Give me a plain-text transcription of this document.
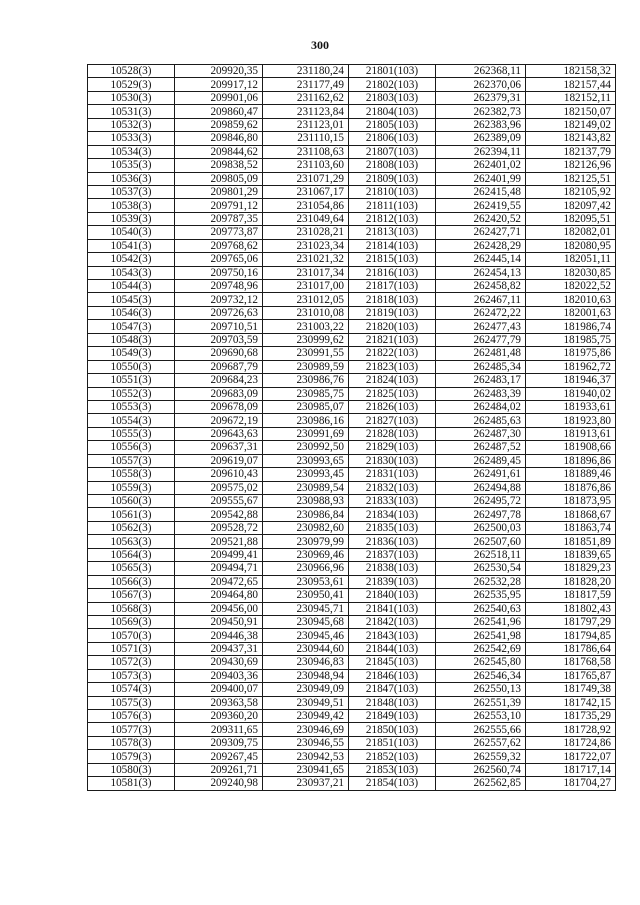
300
10528(3)	209920,35	231180,24	21801(103)	262368,11	182158,32
10529(3)	209917,12	231177,49	21802(103)	262370,06	182157,44
10530(3)	209901,06	231162,62	21803(103)	262379,31	182152,11
10531(3)	209860,47	231123,84	21804(103)	262382,73	182150,07
10532(3)	209859,62	231123,01	21805(103)	262383,96	182149,02
10533(3)	209846,80	231110,15	21806(103)	262389,09	182143,82
10534(3)	209844,62	231108,63	21807(103)	262394,11	182137,79
10535(3)	209838,52	231103,60	21808(103)	262401,02	182126,96
10536(3)	209805,09	231071,29	21809(103)	262401,99	182125,51
10537(3)	209801,29	231067,17	21810(103)	262415,48	182105,92
10538(3)	209791,12	231054,86	21811(103)	262419,55	182097,42
10539(3)	209787,35	231049,64	21812(103)	262420,52	182095,51
10540(3)	209773,87	231028,21	21813(103)	262427,71	182082,01
10541(3)	209768,62	231023,34	21814(103)	262428,29	182080,95
10542(3)	209765,06	231021,32	21815(103)	262445,14	182051,11
10543(3)	209750,16	231017,34	21816(103)	262454,13	182030,85
10544(3)	209748,96	231017,00	21817(103)	262458,82	182022,52
10545(3)	209732,12	231012,05	21818(103)	262467,11	182010,63
10546(3)	209726,63	231010,08	21819(103)	262472,22	182001,63
10547(3)	209710,51	231003,22	21820(103)	262477,43	181986,74
10548(3)	209703,59	230999,62	21821(103)	262477,79	181985,75
10549(3)	209690,68	230991,55	21822(103)	262481,48	181975,86
10550(3)	209687,79	230989,59	21823(103)	262485,34	181962,72
10551(3)	209684,23	230986,76	21824(103)	262483,17	181946,37
10552(3)	209683,09	230985,75	21825(103)	262483,39	181940,02
10553(3)	209678,09	230985,07	21826(103)	262484,02	181933,61
10554(3)	209672,19	230986,16	21827(103)	262485,63	181923,80
10555(3)	209643,63	230991,69	21828(103)	262487,30	181913,61
10556(3)	209637,31	230992,50	21829(103)	262487,52	181908,66
10557(3)	209619,07	230993,65	21830(103)	262489,45	181896,86
10558(3)	209610,43	230993,45	21831(103)	262491,61	181889,46
10559(3)	209575,02	230989,54	21832(103)	262494,88	181876,86
10560(3)	209555,67	230988,93	21833(103)	262495,72	181873,95
10561(3)	209542,88	230986,84	21834(103)	262497,78	181868,67
10562(3)	209528,72	230982,60	21835(103)	262500,03	181863,74
10563(3)	209521,88	230979,99	21836(103)	262507,60	181851,89
10564(3)	209499,41	230969,46	21837(103)	262518,11	181839,65
10565(3)	209494,71	230966,96	21838(103)	262530,54	181829,23
10566(3)	209472,65	230953,61	21839(103)	262532,28	181828,20
10567(3)	209464,80	230950,41	21840(103)	262535,95	181817,59
10568(3)	209456,00	230945,71	21841(103)	262540,63	181802,43
10569(3)	209450,91	230945,68	21842(103)	262541,96	181797,29
10570(3)	209446,38	230945,46	21843(103)	262541,98	181794,85
10571(3)	209437,31	230944,60	21844(103)	262542,69	181786,64
10572(3)	209430,69	230946,83	21845(103)	262545,80	181768,58
10573(3)	209403,36	230948,94	21846(103)	262546,34	181765,87
10574(3)	209400,07	230949,09	21847(103)	262550,13	181749,38
10575(3)	209363,58	230949,51	21848(103)	262551,39	181742,15
10576(3)	209360,20	230949,42	21849(103)	262553,10	181735,29
10577(3)	209311,65	230946,69	21850(103)	262555,66	181728,92
10578(3)	209309,75	230946,55	21851(103)	262557,62	181724,86
10579(3)	209267,45	230942,53	21852(103)	262559,32	181722,07
10580(3)	209261,71	230941,65	21853(103)	262560,74	181717,14
10581(3)	209240,98	230937,21	21854(103)	262562,85	181704,27
